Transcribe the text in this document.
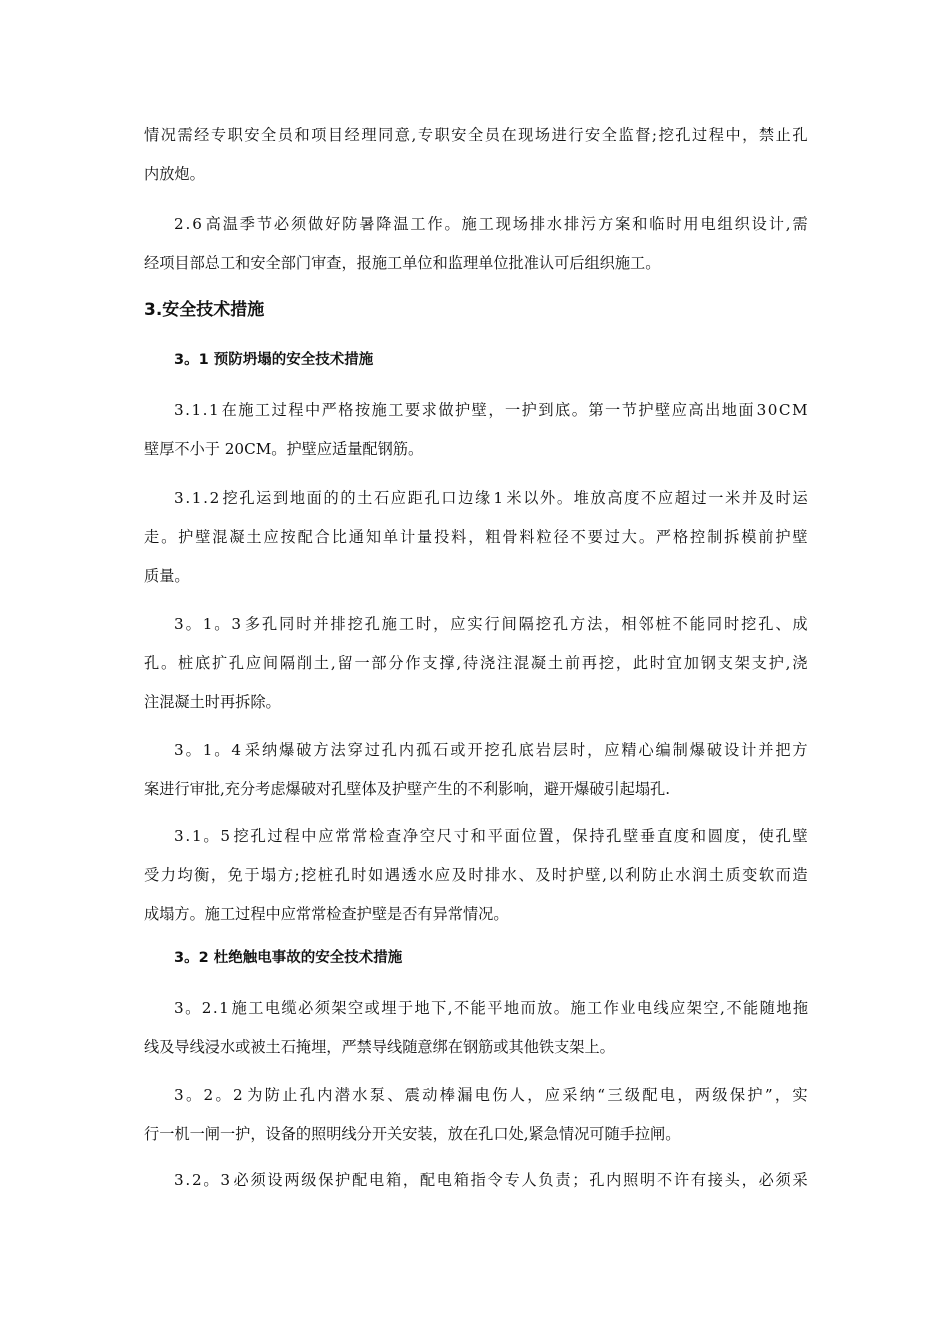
情 况 需 经 专 职 安 全 员 和 项 目 经 理 同 意 , 专 职 安 全 员 在 现 场 进 行 安 全 监 督 ; 挖 孔 过 程 中 ， 禁 止 孔
内放炮。
2 . 6 高 温 季 节 必 须 做 好 防 暑 降 温 工 作 。 施 工 现 场 排 水 排 污 方 案 和 临 时 用 电 组 织 设 计 , 需
经项目部总工和安全部门审查，报施工单位和监理单位批准认可后组织施工。
3.安全技术措施
3。1 预防坍塌的安全技术措施
3 . 1 . 1 在 施 工 过 程 中 严 格 按 施 工 要 求 做 护 壁 ， 一 护 到 底 。 第 一 节 护 壁 应 高 出 地 面 3 0 C M
壁厚不小于 20CM。护壁应适量配钢筋。
3 . 1 . 2 挖 孔 运 到 地 面 的 的 土 石 应 距 孔 口 边 缘 1 米 以 外 。 堆 放 高 度 不 应 超 过 一 米 并 及 时 运
走 。 护 壁 混 凝 土 应 按 配 合 比 通 知 单 计 量 投 料 ， 粗 骨 料 粒 径 不 要 过 大 。 严 格 控 制 拆 模 前 护 壁
质量。
3 。 1 。 3 多 孔 同 时 并 排 挖 孔 施 工 时 ， 应 实 行 间 隔 挖 孔 方 法 ， 相 邻 桩 不 能 同 时 挖 孔 、 成
孔 。 桩 底 扩 孔 应 间 隔 削 土 , 留 一 部 分 作 支 撑 , 待 浇 注 混 凝 土 前 再 挖 ， 此 时 宜 加 钢 支 架 支 护 , 浇
注混凝土时再拆除。
3 。 1 。 4 采 纳 爆 破 方 法 穿 过 孔 内 孤 石 或 开 挖 孔 底 岩 层 时 ， 应 精 心 编 制 爆 破 设 计 并 把 方
案进行审批,充分考虑爆破对孔壁体及护壁产生的不利影响，避开爆破引起塌孔.
3 . 1 。 5 挖 孔 过 程 中 应 常 常 检 查 净 空 尺 寸 和 平 面 位 置 ， 保 持 孔 壁 垂 直 度 和 圆 度 ， 使 孔 壁
受 力 均 衡 ， 免 于 塌 方 ; 挖 桩 孔 时 如 遇 透 水 应 及 时 排 水 、 及 时 护 壁 , 以 利 防 止 水 润 土 质 变 软 而 造
成塌方。施工过程中应常常检查护壁是否有异常情况。
3。2 杜绝触电事故的安全技术措施
3 。 2 . 1 施 工 电 缆 必 须 架 空 或 埋 于 地 下 , 不 能 平 地 而 放 。 施 工 作 业 电 线 应 架 空 , 不 能 随 地 拖
线及导线浸水或被土石掩埋，严禁导线随意绑在钢筋或其他铁支架上。
3 。 2 。 2 为 防 止 孔 内 潜 水 泵 、 震 动 棒 漏 电 伤 人 ， 应 采 纳 “ 三 级 配 电 ， 两 级 保 护 ” ， 实
行一机一闸一护，设备的照明线分开关安装，放在孔口处,紧急情况可随手拉闸。
3 . 2 。 3 必 须 设 两 级 保 护 配 电 箱 ， 配 电 箱 指 令 专 人 负 责 ； 孔 内 照 明 不 许 有 接 头 ， 必 须 采
